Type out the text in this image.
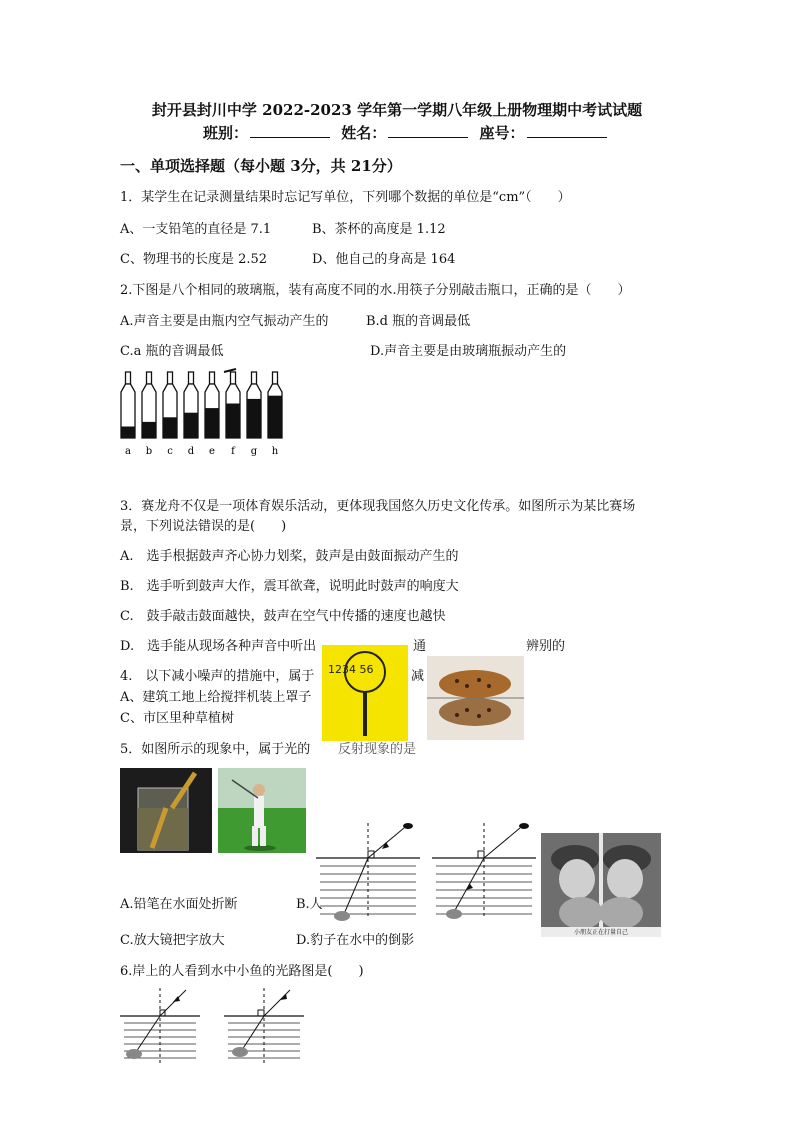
封开县封川中学 2022-2023 学年第一学期八年级上册物理期中考试试题
班别：	姓名：	座号：
一、单项选择题（每小题 3分，共 21分）
1．某学生在记录测量结果时忘记写单位，下列哪个数据的单位是“cm”（　　）
A、一支铅笔的直径是 7.1	B、茶杯的高度是 1.12
C、物理书的长度是 2.52	D、他自己的身高是 164
2.下图是八个相同的玻璃瓶，装有高度不同的水.用筷子分别敲击瓶口，正确的是（　　）
A.声音主要是由瓶内空气振动产生的	B.d 瓶的音调最低
C.a 瓶的音调最低	D.声音主要是由玻璃瓶振动产生的
a b c d e f g h
3．赛龙舟不仅是一项体育娱乐活动，更体现我国悠久历史文化传承。如图所示为某比赛场
景，下列说法错误的是(　　)
A.　选手根据鼓声齐心协力划桨，鼓声是由鼓面振动产生的
B.　选手听到鼓声大作，震耳欲聋，说明此时鼓声的响度大
C.　鼓手敲击鼓面越快，鼓声在空气中传播的速度也越快
D.　选手能从现场各种声音中听出	通	辨别的
4.　以下减小噪声的措施中，属于	减
A、建筑工地上给搅拌机装上罩子
C、市区里种草植树
1234 56
5．如图所示的现象中，属于光的 反射现象的是
小朋友正在打量自己
A.铅笔在水面处折断	B.人
C.放大镜把字放大	D.豹子在水中的倒影
6.岸上的人看到水中小鱼的光路图是(　　)
